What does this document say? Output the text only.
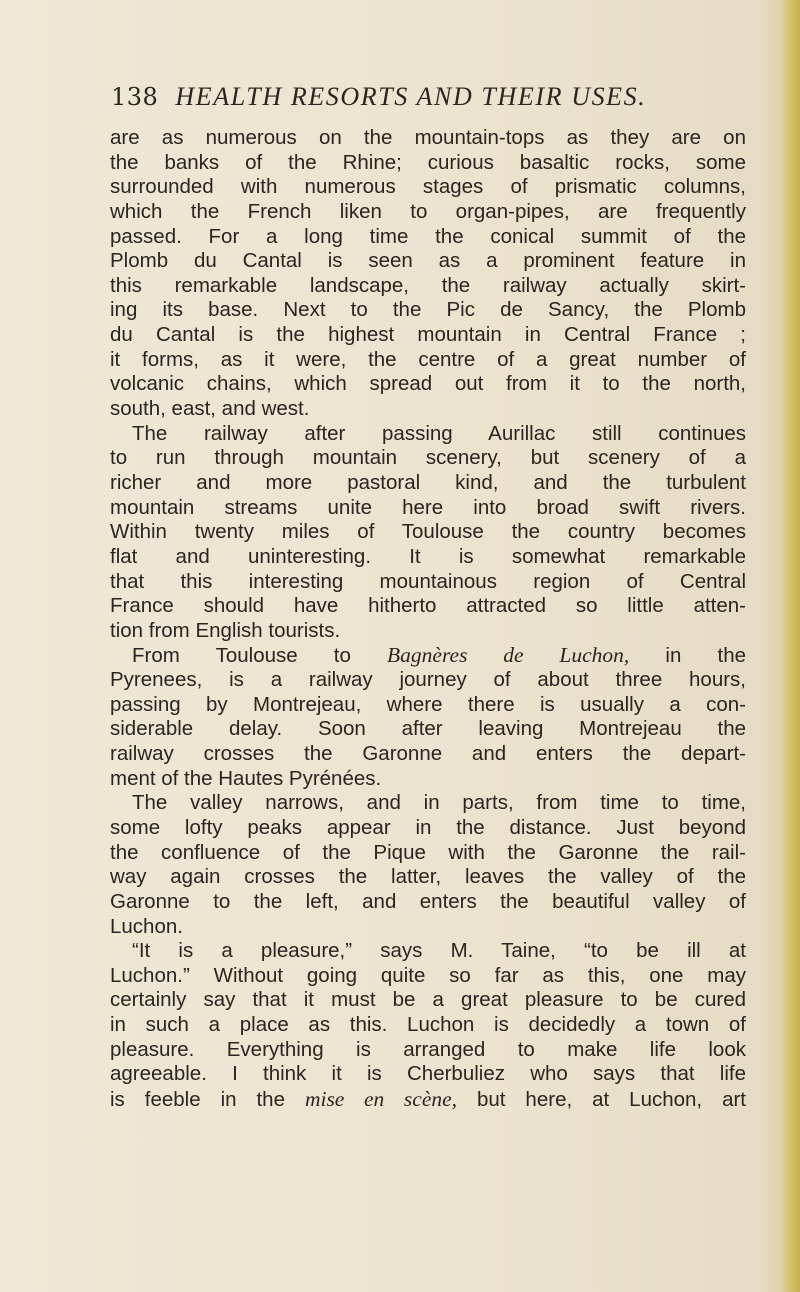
138 HEALTH RESORTS AND THEIR USES.
are as numerous on the mountain-tops as they are on
the banks of the Rhine; curious basaltic rocks, some
surrounded with numerous stages of prismatic columns,
which the French liken to organ-pipes, are frequently
passed. For a long time the conical summit of the
Plomb du Cantal is seen as a prominent feature in
this remarkable landscape, the railway actually skirt-
ing its base. Next to the Pic de Sancy, the Plomb
du Cantal is the highest mountain in Central France ;
it forms, as it were, the centre of a great number of
volcanic chains, which spread out from it to the north,
south, east, and west.
The railway after passing Aurillac still continues
to run through mountain scenery, but scenery of a
richer and more pastoral kind, and the turbulent
mountain streams unite here into broad swift rivers.
Within twenty miles of Toulouse the country becomes
flat and uninteresting. It is somewhat remarkable
that this interesting mountainous region of Central
France should have hitherto attracted so little atten-
tion from English tourists.
From Toulouse to Bagnères de Luchon, in the
Pyrenees, is a railway journey of about three hours,
passing by Montrejeau, where there is usually a con-
siderable delay. Soon after leaving Montrejeau the
railway crosses the Garonne and enters the depart-
ment of the Hautes Pyrénées.
The valley narrows, and in parts, from time to time,
some lofty peaks appear in the distance. Just beyond
the confluence of the Pique with the Garonne the rail-
way again crosses the latter, leaves the valley of the
Garonne to the left, and enters the beautiful valley of
Luchon.
“It is a pleasure,” says M. Taine, “to be ill at
Luchon.” Without going quite so far as this, one may
certainly say that it must be a great pleasure to be cured
in such a place as this. Luchon is decidedly a town of
pleasure. Everything is arranged to make life look
agreeable. I think it is Cherbuliez who says that life
is feeble in the mise en scène, but here, at Luchon, art
